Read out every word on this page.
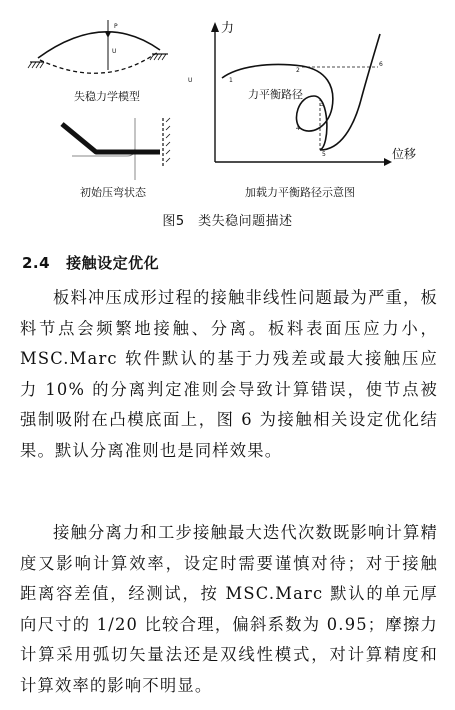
P
U
失稳力学模型
初始压弯状态
力
位移
U
2
3
4
5
6
1
力平衡路径
加载力平衡路径示意图
图5　类失稳问题描述
2.4 接触设定优化
板料冲压成形过程的接触非线性问题最为严重，板料节点会频繁地接触、分离。板料表面压应力小，MSC.Marc 软件默认的基于力残差或最大接触压应力 10% 的分离判定准则会导致计算错误，使节点被强制吸附在凸模底面上，图 6 为接触相关设定优化结果。默认分离准则也是同样效果。
接触分离力和工步接触最大迭代次数既影响计算精度又影响计算效率，设定时需要谨慎对待；对于接触距离容差值，经测试，按 MSC.Marc 默认的单元厚向尺寸的 1/20 比较合理，偏斜系数为 0.95；摩擦力计算采用弧切矢量法还是双线性模式，对计算精度和计算效率的影响不明显。
